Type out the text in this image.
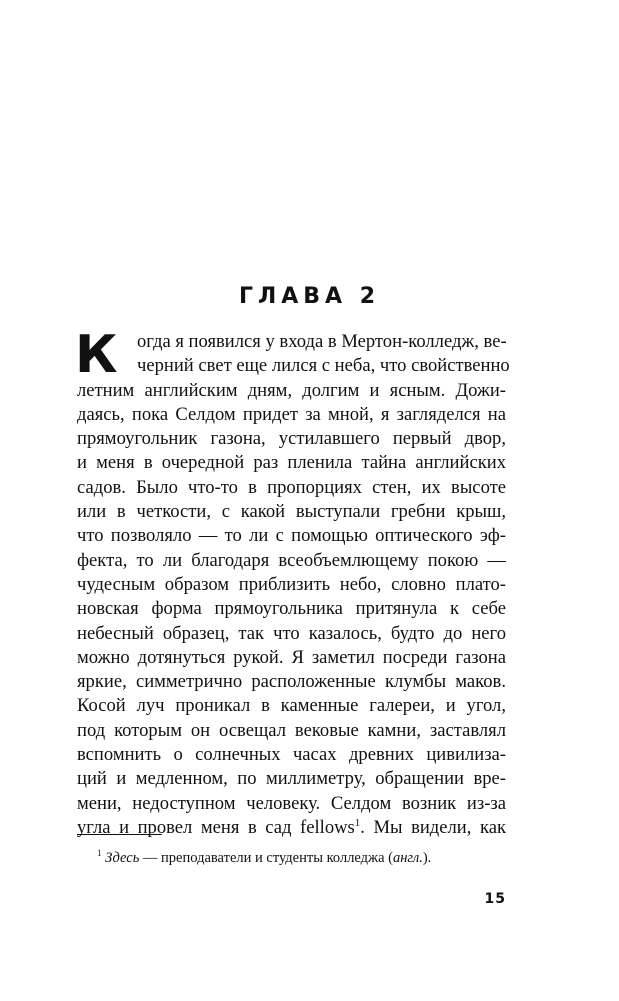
ГЛАВА 2
К	огда я появился у входа в Мертон-колледж, ве-
черний свет еще лился с неба, что свойственно
летним английским дням, долгим и ясным. Дожи-
даясь, пока Селдом придет за мной, я загляделся на
прямоугольник газона, устилавшего первый двор,
и меня в очередной раз пленила тайна английских
садов. Было что-то в пропорциях стен, их высоте
или в четкости, с какой выступали гребни крыш,
что позволяло — то ли с помощью оптического эф-
фекта, то ли благодаря всеобъемлющему покою —
чудесным образом приблизить небо, словно плато-
новская форма прямоугольника притянула к себе
небесный образец, так что казалось, будто до него
можно дотянуться рукой. Я заметил посреди газона
яркие, симметрично расположенные клумбы маков.
Косой луч проникал в каменные галереи, и угол,
под которым он освещал вековые камни, заставлял
вспомнить о солнечных часах древних цивилиза-
ций и медленном, по миллиметру, обращении вре-
мени, недоступном человеку. Селдом возник из-за
угла и провел меня в сад fellows$^1$. Мы видели, как
$^1$ Здесь — преподаватели и студенты колледжа (англ.).
15
